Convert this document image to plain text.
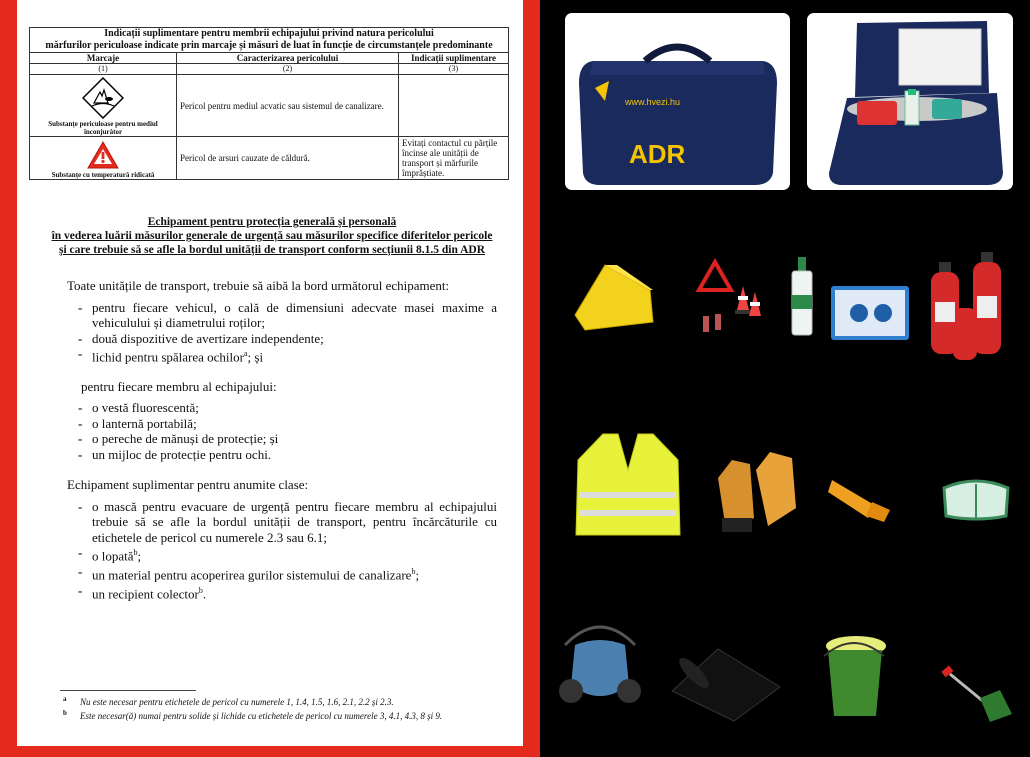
Indicații suplimentare pentru membrii echipajului privind natura pericolului
mărfurilor periculoase indicate prin marcaje și măsuri de luat în funcție de circumstanțele predominante		

Marcaje	Caracterizarea pericolului	Indicații suplimentare
(1)	(2)	(3)

Substanțe periculoase pentru mediul înconjurător	Pericol pentru mediul acvatic sau sistemul de canalizare.	

Substanțe cu temperatură ridicată	Pericol de arsuri cauzate de căldură.	Evitați contactul cu părțile încinse ale unității de transport și mărfurile împrăștiate.
Echipament pentru protecția generală și personală
în vederea luării măsurilor generale de urgență sau măsurilor specifice diferitelor pericole
și care trebuie să se afle la bordul unității de transport conform secțiunii 8.1.5 din ADR

Toate unitățile de transport, trebuie să aibă la bord următorul echipament:

- pentru fiecare vehicul, o cală de dimensiuni adecvate masei maxime a vehiculului și diametrului roților;
- două dispozitive de avertizare independente;
- lichid pentru spălarea ochilor$^a$; și

pentru fiecare membru al echipajului:

- o vestă fluorescentă;
- o lanternă portabilă;
- o pereche de mănuși de protecție; și
- un mijloc de protecție pentru ochi.

Echipament suplimentar pentru anumite clase:

- o mască pentru evacuare de urgență pentru fiecare membru al echipajului trebuie să se afle la bordul unității de transport, pentru încărcăturile cu etichetele de pericol cu numerele 2.3 sau 6.1;
- o lopată$^b$;
- un material pentru acoperirea gurilor sistemului de canalizare$^b$;
- un recipient colector$^b$.
a	Nu este necesar pentru etichetele de pericol cu numerele 1, 1.4, 1.5, 1.6, 2.1, 2.2 și 2.3.
b	Este necesar(ă) numai pentru solide și lichide cu etichetele de pericol cu numerele 3, 4.1, 4.3, 8 și 9.
www.hvezi.hu
ADR
